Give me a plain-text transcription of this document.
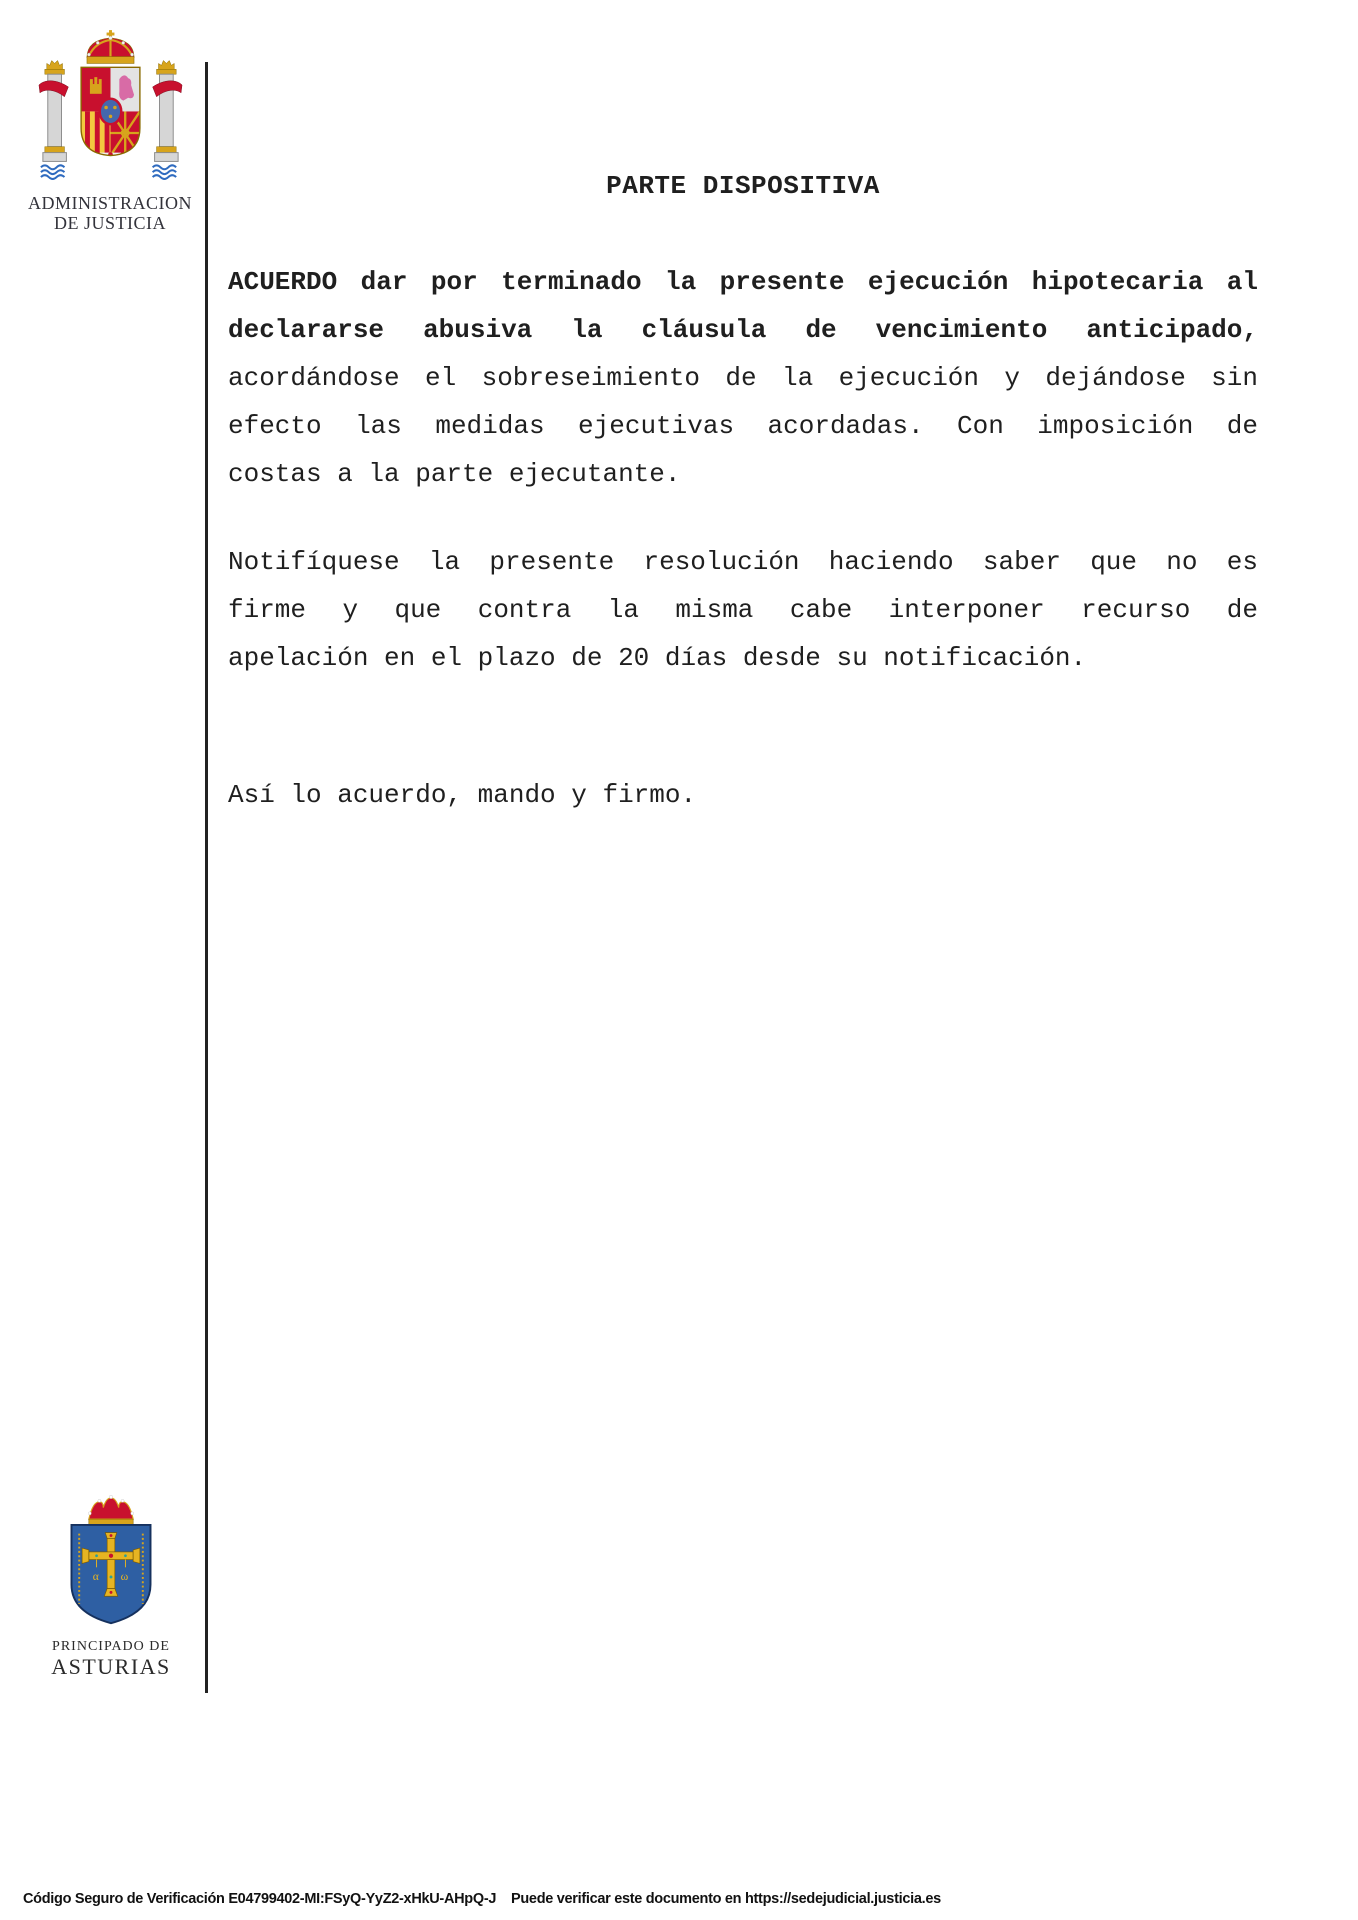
ADMINISTRACION
DE JUSTICIA
PARTE DISPOSITIVA
ACUERDO dar por terminado la presente ejecución hipotecaria al
declararse abusiva la cláusula de vencimiento anticipado,
acordándose el sobreseimiento de la ejecución y dejándose sin
efecto las medidas ejecutivas acordadas. Con imposición de
costas a la parte ejecutante.
Notifíquese la presente resolución haciendo saber que no es
firme y que contra la misma cabe interponer recurso de
apelación en el plazo de 20 días desde su notificación.
Así lo acuerdo, mando y firmo.
α ω
PRINCIPADO DE
ASTURIAS
Código Seguro de Verificación E04799402-MI:FSyQ-YyZ2-xHkU-AHpQ-J Puede verificar este documento en https://sedejudicial.justicia.es
